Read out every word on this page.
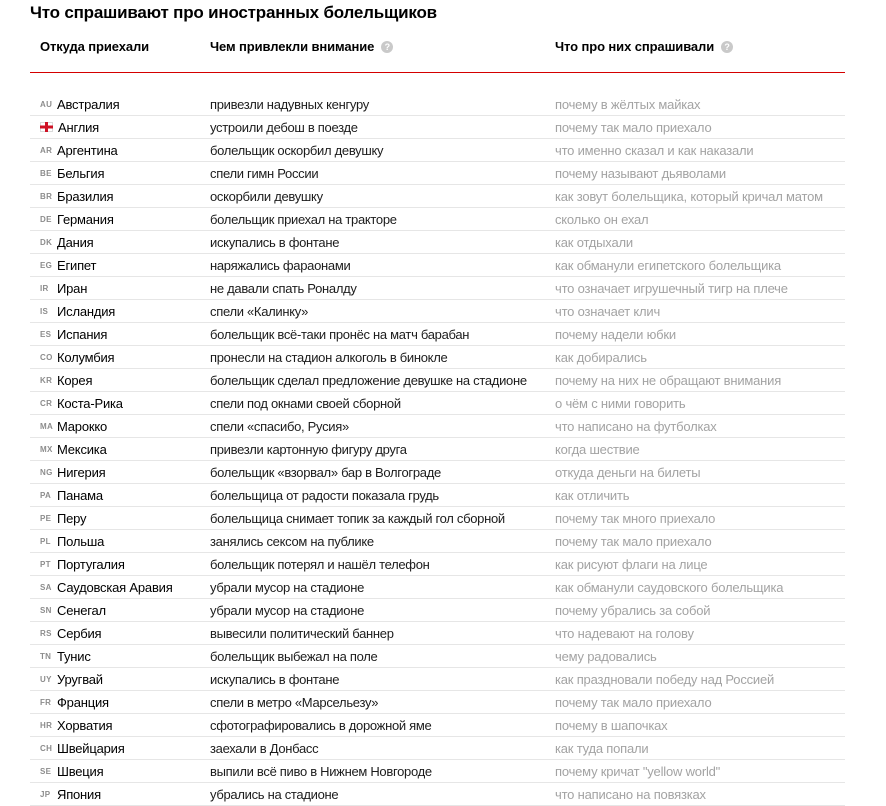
Что спрашивают про иностранных болельщиков
Откуда приехали	Чем привлекли внимание	?	Что про них спрашивали	?
AU Австралия	привезли надувных кенгуру	почему в жёлтых майках
Англия	устроили дебош в поезде	почему так мало приехало
AR Аргентина	болельщик оскорбил девушку	что именно сказал и как наказали
BE Бельгия	спели гимн России	почему называют дьяволами
BR Бразилия	оскорбили девушку	как зовут болельщика, который кричал матом
DE Германия	болельщик приехал на тракторе	сколько он ехал
DK Дания	искупались в фонтане	как отдыхали
EG Египет	наряжались фараонами	как обманули египетского болельщика
IR Иран	не давали спать Роналду	что означает игрушечный тигр на плече
IS Исландия	спели «Калинку»	что означает клич
ES Испания	болельщик всё-таки пронёс на матч барабан	почему надели юбки
CO Колумбия	пронесли на стадион алкоголь в бинокле	как добирались
KR Корея	болельщик сделал предложение девушке на стадионе	почему на них не обращают внимания
CR Коста-Рика	спели под окнами своей сборной	о чём с ними говорить
MA Марокко	спели «спасибо, Русия»	что написано на футболках
MX Мексика	привезли картонную фигуру друга	когда шествие
NG Нигерия	болельщик «взорвал» бар в Волгограде	откуда деньги на билеты
PA Панама	болельщица от радости показала грудь	как отличить
PE Перу	болельщица снимает топик за каждый гол сборной	почему так много приехало
PL Польша	занялись сексом на публике	почему так мало приехало
PT Португалия	болельщик потерял и нашёл телефон	как рисуют флаги на лице
SA Саудовская Аравия	убрали мусор на стадионе	как обманули саудовского болельщика
SN Сенегал	убрали мусор на стадионе	почему убрались за собой
RS Сербия	вывесили политический баннер	что надевают на голову
TN Тунис	болельщик выбежал на поле	чему радовались
UY Уругвай	искупались в фонтане	как праздновали победу над Россией
FR Франция	спели в метро «Марсельезу»	почему так мало приехало
HR Хорватия	сфотографировались в дорожной яме	почему в шапочках
CH Швейцария	заехали в Донбасс	как туда попали
SE Швеция	выпили всё пиво в Нижнем Новгороде	почему кричат "yellow world"
JP Япония	убрались на стадионе	что написано на повязках
